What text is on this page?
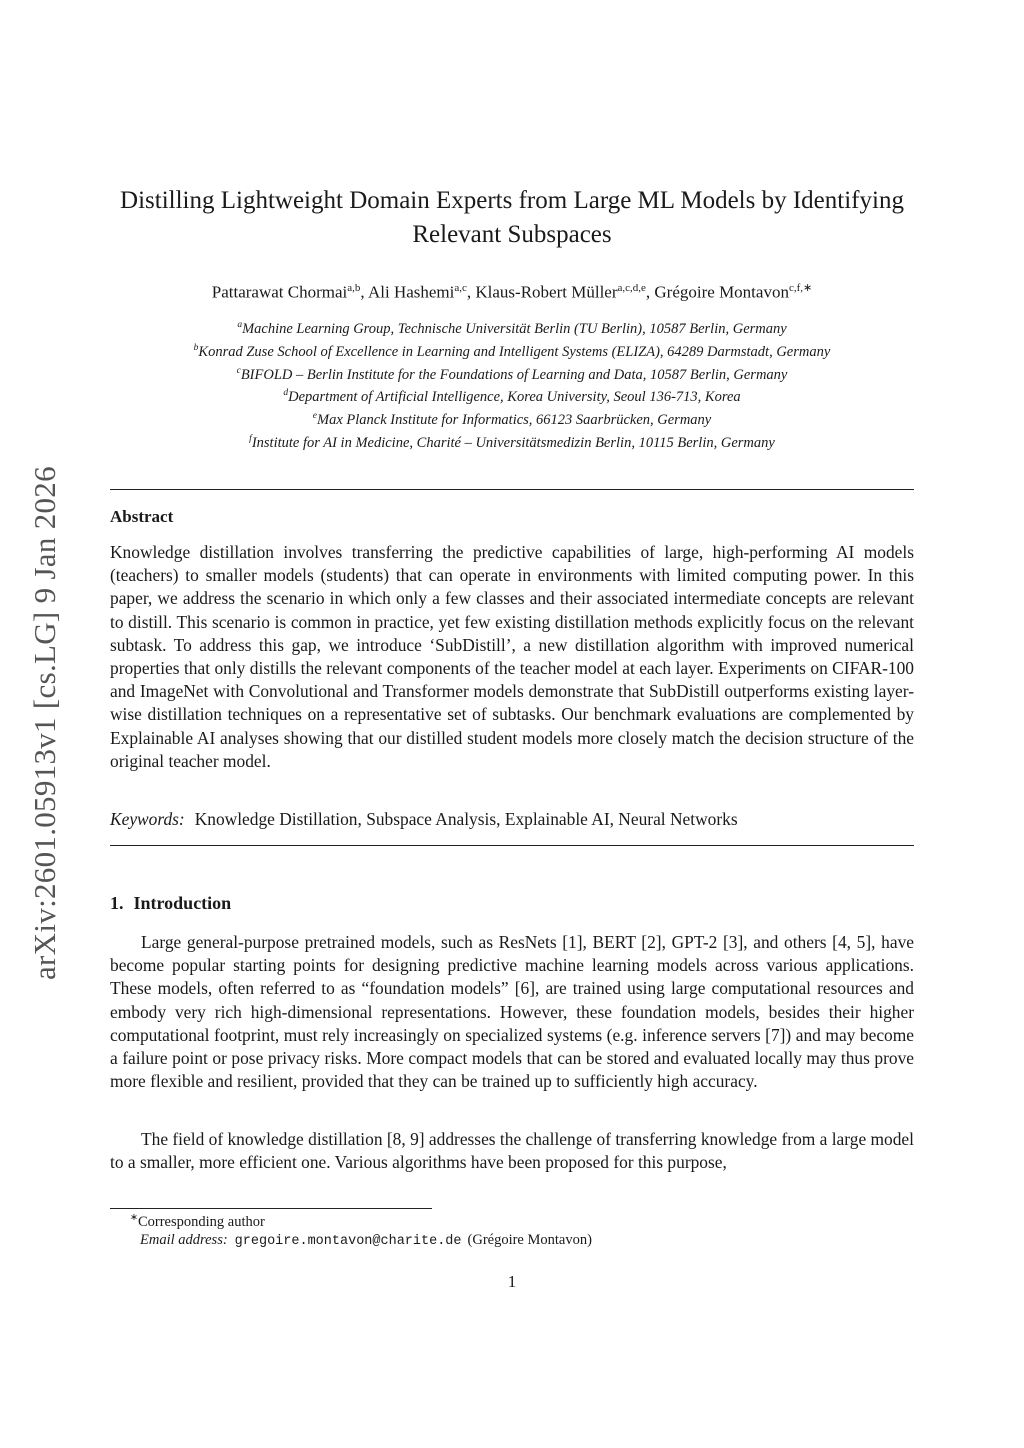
arXiv:2601.05913v1 [cs.LG] 9 Jan 2026
Distilling Lightweight Domain Experts from Large ML Models by Identifying
Relevant Subspaces
Pattarawat Chormai$^{a,b}$, Ali Hashemi$^{a,c}$, Klaus-Robert Müller$^{a,c,d,e}$, Grégoire Montavon$^{c,f,∗}$
$^a$Machine Learning Group, Technische Universität Berlin (TU Berlin), 10587 Berlin, Germany
$^b$Konrad Zuse School of Excellence in Learning and Intelligent Systems (ELIZA), 64289 Darmstadt, Germany
$^c$BIFOLD – Berlin Institute for the Foundations of Learning and Data, 10587 Berlin, Germany
$^d$Department of Artificial Intelligence, Korea University, Seoul 136-713, Korea
$^e$Max Planck Institute for Informatics, 66123 Saarbrücken, Germany
$^f$Institute for AI in Medicine, Charité – Universitätsmedizin Berlin, 10115 Berlin, Germany
Abstract
Knowledge distillation involves transferring the predictive capabilities of large, high-performing AI models (teachers) to smaller models (students) that can operate in environments with limited computing power. In this paper, we address the scenario in which only a few classes and their associated intermediate concepts are relevant to distill. This scenario is common in practice, yet few existing distillation methods explicitly focus on the relevant subtask. To address this gap, we introduce ‘SubDistill’, a new distillation algorithm with improved numerical properties that only distills the relevant components of the teacher model at each layer. Experiments on CIFAR-100 and ImageNet with Convolutional and Transformer models demonstrate that SubDistill outperforms existing layer-wise distillation techniques on a representative set of subtasks. Our benchmark evaluations are complemented by Explainable AI analyses showing that our distilled student models more closely match the decision structure of the original teacher model.
Keywords: Knowledge Distillation, Subspace Analysis, Explainable AI, Neural Networks
1. Introduction
Large general-purpose pretrained models, such as ResNets [1], BERT [2], GPT-2 [3], and others [4, 5], have become popular starting points for designing predictive machine learning models across various applications. These models, often referred to as “foundation models” [6], are trained using large computational resources and embody very rich high-dimensional representations. However, these foundation models, besides their higher computational footprint, must rely increasingly on specialized systems (e.g. inference servers [7]) and may become a failure point or pose privacy risks. More compact models that can be stored and evaluated locally may thus prove more flexible and resilient, provided that they can be trained up to sufficiently high accuracy.
The field of knowledge distillation [8, 9] addresses the challenge of transferring knowledge from a large model to a smaller, more efficient one. Various algorithms have been proposed for this purpose,
∗Corresponding author
Email address: gregoire.montavon@charite.de (Grégoire Montavon)
1
